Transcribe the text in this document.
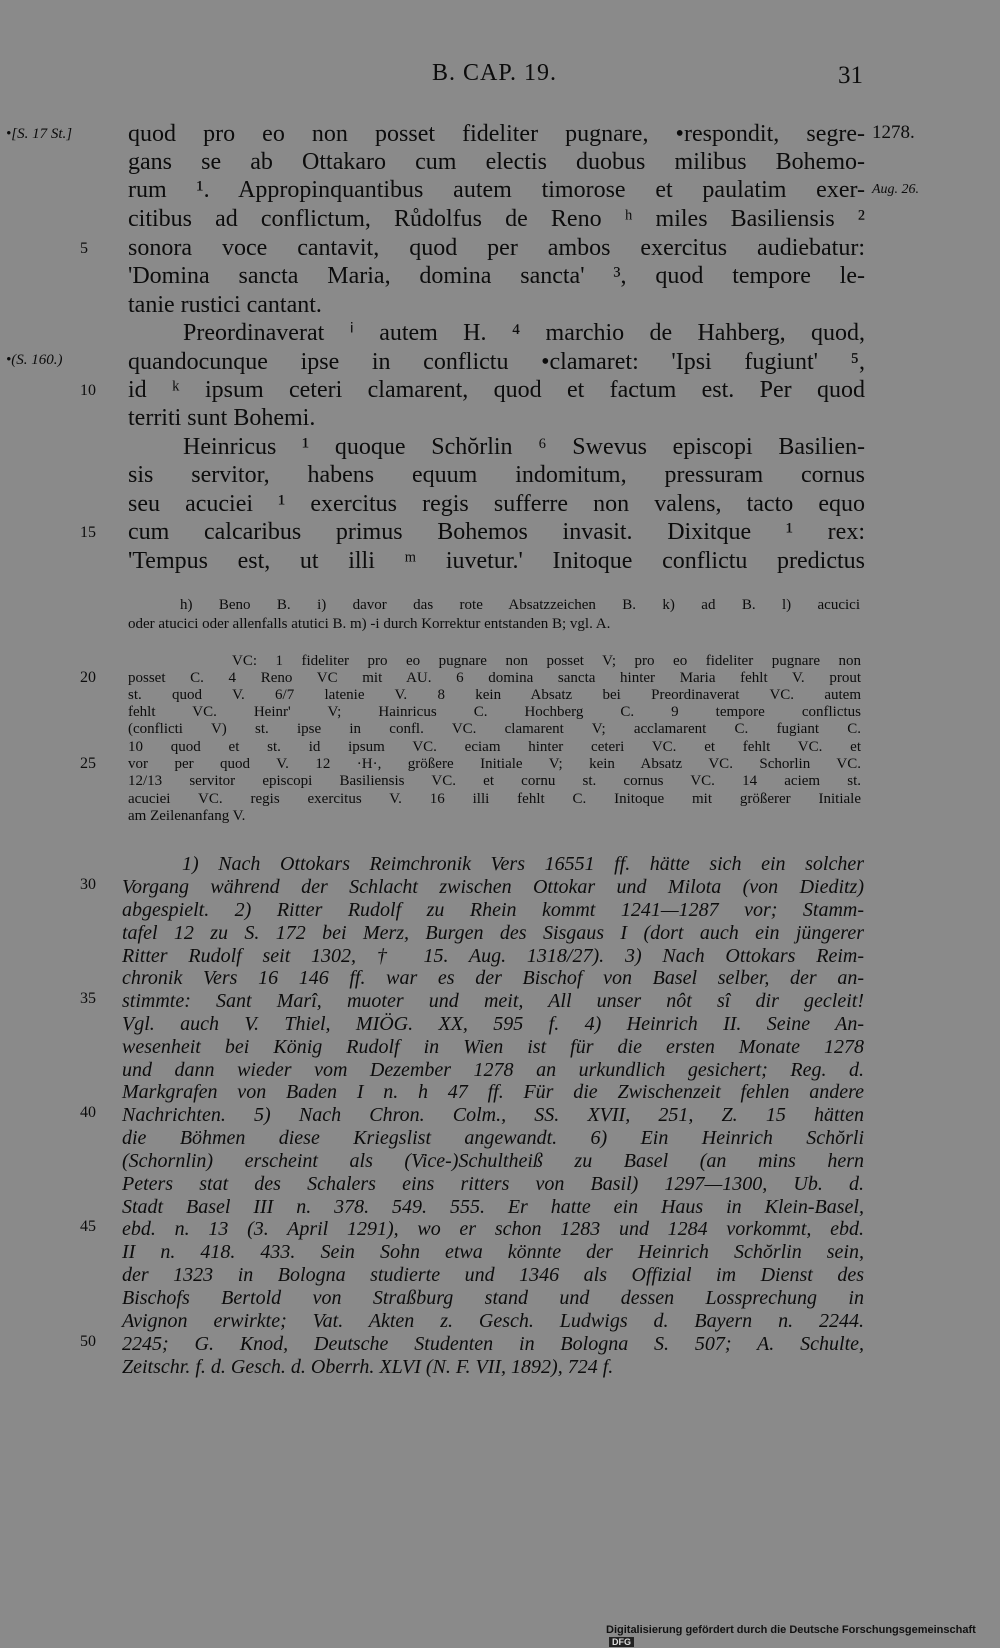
B. CAP. 19.	31
•[S. 17 St.]
•(S. 160.)
1278.
Aug. 26.
5
10
15
quod pro eo non posset fideliter pugnare, •respondit, segre-
gans se ab Ottakaro cum electis duobus milibus Bohemo-
rum ¹. Appropinquantibus autem timorose et paulatim exer-
citibus ad conflictum, Růdolfus de Reno ʰ miles Basiliensis ²
sonora voce cantavit, quod per ambos exercitus audiebatur:
'Domina sancta Maria, domina sancta' ³, quod tempore le-
tanie rustici cantant.
Preordinaverat ⁱ autem H. ⁴ marchio de Hahberg, quod,
quandocunque ipse in conflictu •clamaret: 'Ipsi fugiunt' ⁵,
id ᵏ ipsum ceteri clamarent, quod et factum est. Per quod
territi sunt Bohemi.
Heinricus ¹ quoque Schŏrlin ⁶ Swevus episcopi Basilien-
sis servitor, habens equum indomitum, pressuram cornus
seu acuciei ¹ exercitus regis sufferre non valens, tacto equo
cum calcaribus primus Bohemos invasit. Dixitque ¹ rex:
'Tempus est, ut illi ᵐ iuvetur.' Initoque conflictu predictus
h) Beno B. i) davor das rote Absatzzeichen B. k) ad B. l) acucici
oder atucici oder allenfalls atutici B. m) -i durch Korrektur entstanden B; vgl. A.
20
25
VC: 1 fideliter pro eo pugnare non posset V; pro eo fideliter pugnare non
posset C. 4 Reno VC mit AU. 6 domina sancta hinter Maria fehlt V. prout
st. quod V. 6/7 latenie V. 8 kein Absatz bei Preordinaverat VC. autem
fehlt VC. Heinr' V; Hainricus C. Hochberg C. 9 tempore conflictus
(conflicti V) st. ipse in confl. VC. clamarent V; acclamarent C. fugiant C.
10 quod et st. id ipsum VC. eciam hinter ceteri VC. et fehlt VC. et
vor per quod V. 12 ·H·, größere Initiale V; kein Absatz VC. Schorlin VC.
12/13 servitor episcopi Basiliensis VC. et cornu st. cornus VC. 14 aciem st.
acuciei VC. regis exercitus V. 16 illi fehlt C. Initoque mit größerer Initiale
am Zeilenanfang V.
30
35
40
45
50
1) Nach Ottokars Reimchronik Vers 16551 ff. hätte sich ein solcher
Vorgang während der Schlacht zwischen Ottokar und Milota (von Dieditz)
abgespielt. 2) Ritter Rudolf zu Rhein kommt 1241—1287 vor; Stamm-
tafel 12 zu S. 172 bei Merz, Burgen des Sisgaus I (dort auch ein jüngerer
Ritter Rudolf seit 1302, † 15. Aug. 1318/27). 3) Nach Ottokars Reim-
chronik Vers 16 146 ff. war es der Bischof von Basel selber, der an-
stimmte: Sant Marî, muoter und meit, All unser nôt sî dir gecleit!
Vgl. auch V. Thiel, MIÖG. XX, 595 f. 4) Heinrich II. Seine An-
wesenheit bei König Rudolf in Wien ist für die ersten Monate 1278
und dann wieder vom Dezember 1278 an urkundlich gesichert; Reg. d.
Markgrafen von Baden I n. h 47 ff. Für die Zwischenzeit fehlen andere
Nachrichten. 5) Nach Chron. Colm., SS. XVII, 251, Z. 15 hätten
die Böhmen diese Kriegslist angewandt. 6) Ein Heinrich Schŏrli
(Schornlin) erscheint als (Vice-)Schultheiß zu Basel (an mins hern
Peters stat des Schalers eins ritters von Basil) 1297—1300, Ub. d.
Stadt Basel III n. 378. 549. 555. Er hatte ein Haus in Klein-Basel,
ebd. n. 13 (3. April 1291), wo er schon 1283 und 1284 vorkommt, ebd.
II n. 418. 433. Sein Sohn etwa könnte der Heinrich Schŏrlin sein,
der 1323 in Bologna studierte und 1346 als Offizial im Dienst des
Bischofs Bertold von Straßburg stand und dessen Lossprechung in
Avignon erwirkte; Vat. Akten z. Gesch. Ludwigs d. Bayern n. 2244.
2245; G. Knod, Deutsche Studenten in Bologna S. 507; A. Schulte,
Zeitschr. f. d. Gesch. d. Oberrh. XLVI (N. F. VII, 1892), 724 f.
Digitalisierung gefördert durch die Deutsche Forschungsgemeinschaft DFG
